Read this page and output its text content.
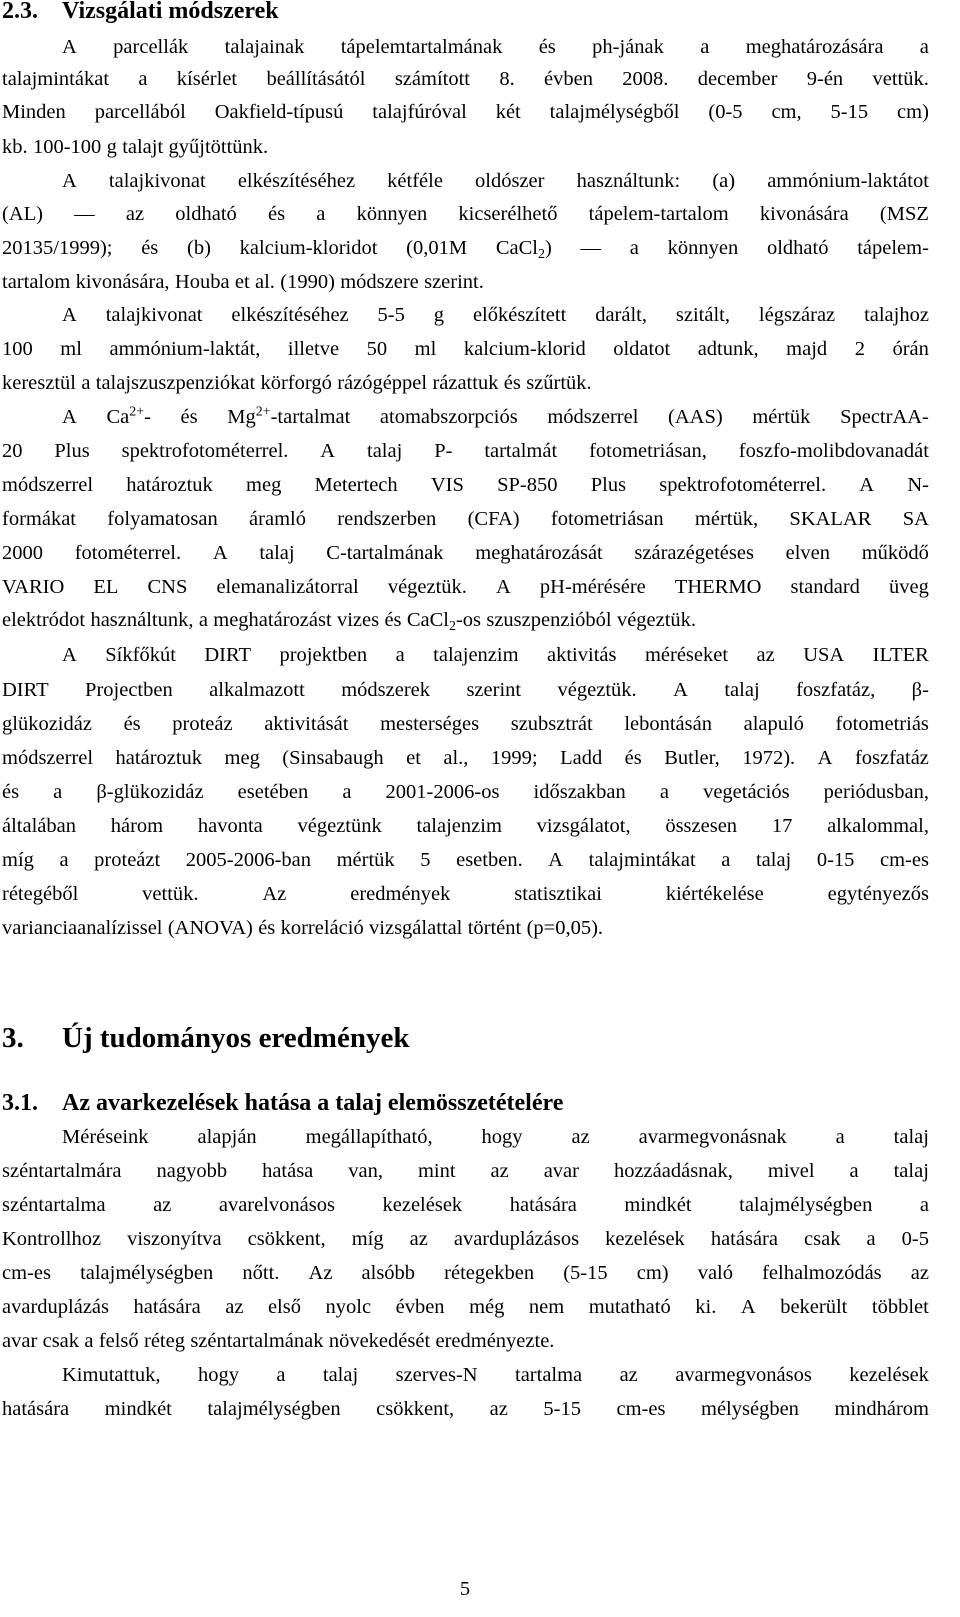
2.3.	Vizsgálati módszerek
A parcellák talajainak tápelemtartalmának és ph-jának a meghatározására a
talajmintákat a kísérlet beállításától számított 8. évben 2008. december 9-én vettük.
Minden parcellából Oakfield-típusú talajfúróval két talajmélységből (0-5 cm, 5-15 cm)
kb. 100-100 g talajt gyűjtöttünk.
A talajkivonat elkészítéséhez kétféle oldószer használtunk: (a) ammónium-laktátot
(AL) — az oldható és a könnyen kicserélhető tápelem-tartalom kivonására (MSZ
20135/1999); és (b) kalcium-kloridot (0,01M CaCl$_2$) — a könnyen oldható tápelem-
tartalom kivonására, Houba et al. (1990) módszere szerint.
A talajkivonat elkészítéséhez 5-5 g előkészített darált, szitált, légszáraz talajhoz
100 ml ammónium-laktát, illetve 50 ml kalcium-klorid oldatot adtunk, majd 2 órán
keresztül a talajszuszpenziókat körforgó rázógéppel rázattuk és szűrtük.
A $Ca^{2+}-$ és $Mg^{2+}$-tartalmat atomabszorpciós módszerrel (AAS) mértük SpectrAA-
20 Plus spektrofotométerrel. A talaj P- tartalmát fotometriásan, foszfo-molibdovanadát
módszerrel határoztuk meg Metertech VIS SP-850 Plus spektrofotométerrel. A N-
formákat folyamatosan áramló rendszerben (CFA) fotometriásan mértük, SKALAR SA
2000 fotométerrel. A talaj C-tartalmának meghatározását szárazégetéses elven működő
VARIO EL CNS elemanalizátorral végeztük. A pH-mérésére THERMO standard üveg
elektródot használtunk, a meghatározást vizes és CaCl$_2$-os szuszpenzióból végeztük.
A Síkfőkút DIRT projektben a talajenzim aktivitás méréseket az USA ILTER
DIRT Projectben alkalmazott módszerek szerint végeztük. A talaj foszfatáz, β-
glükozidáz és proteáz aktivitását mesterséges szubsztrát lebontásán alapuló fotometriás
módszerrel határoztuk meg (Sinsabaugh et al., 1999; Ladd és Butler, 1972). A foszfatáz
és a β-glükozidáz esetében a 2001-2006-os időszakban a vegetációs periódusban,
általában három havonta végeztünk talajenzim vizsgálatot, összesen 17 alkalommal,
míg a proteázt 2005-2006-ban mértük 5 esetben. A talajmintákat a talaj 0-15 cm-es
rétegéből	vettük.	Az	eredmények	statisztikai	kiértékelése	egytényezős
varianciaanalízissel (ANOVA) és korreláció vizsgálattal történt (p=0,05).
Méréseink alapján megállapítható, hogy az avarmegvonásnak a talaj
széntartalmára nagyobb hatása van, mint az avar hozzáadásnak, mivel a talaj
széntartalma az avarelvonásos kezelések hatására mindkét talajmélységben a
Kontrollhoz viszonyítva csökkent, míg az avarduplázásos kezelések hatására csak a 0-5
cm-es talajmélységben nőtt. Az alsóbb rétegekben (5-15 cm) való felhalmozódás az
avarduplázás hatására az első nyolc évben még nem mutatható ki. A bekerült többlet
avar csak a felső réteg széntartalmának növekedését eredményezte.
Kimutattuk, hogy a talaj szerves-N tartalma az avarmegvonásos kezelések
hatására mindkét talajmélységben csökkent, az 5-15 cm-es mélységben mindhárom
3.	Új tudományos eredmények
3.1.	Az avarkezelések hatása a talaj elemösszetételére
5
